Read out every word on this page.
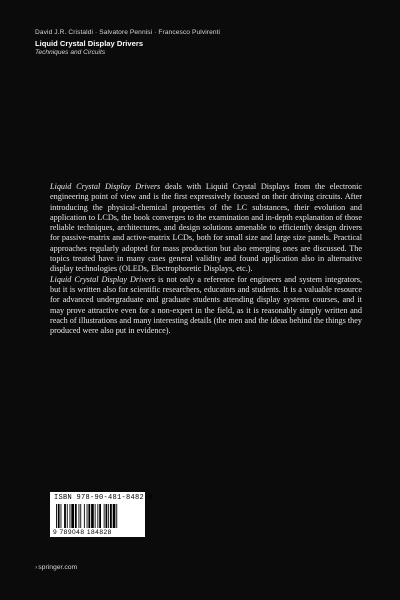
David J.R. Cristaldi · Salvatore Pennisi · Francesco Pulvirenti
Liquid Crystal Display Drivers
Techniques and Circuits

Liquid Crystal Display Drivers deals with Liquid Crystal Displays from the electronic engineering point of view and is the first expressively focused on their driving circuits. After introducing the physical-chemical properties of the LC substances, their evolution and application to LCDs, the book converges to the examination and in-depth explanation of those reliable techniques, architectures, and design solutions amenable to efficiently design drivers for passive-matrix and active-matrix LCDs, both for small size and large size panels. Practical approaches regularly adopted for mass production but also emerging ones are discussed. The topics treated have in many cases general validity and found application also in alternative display technologies (OLEDs, Electrophoretic Displays, etc.).

Liquid Crystal Display Drivers is not only a reference for engineers and system integrators, but it is written also for scientific researchers, educators and students. It is a valuable resource for advanced undergraduate and graduate students attending display systems courses, and it may prove attractive even for a non-expert in the field, as it is reasonably simply written and reach of illustrations and many interesting details (the men and the ideas behind the things they produced were also put in evidence).

ISBN 978-90-481-8482-8
9 789048 184828
›springer.com
